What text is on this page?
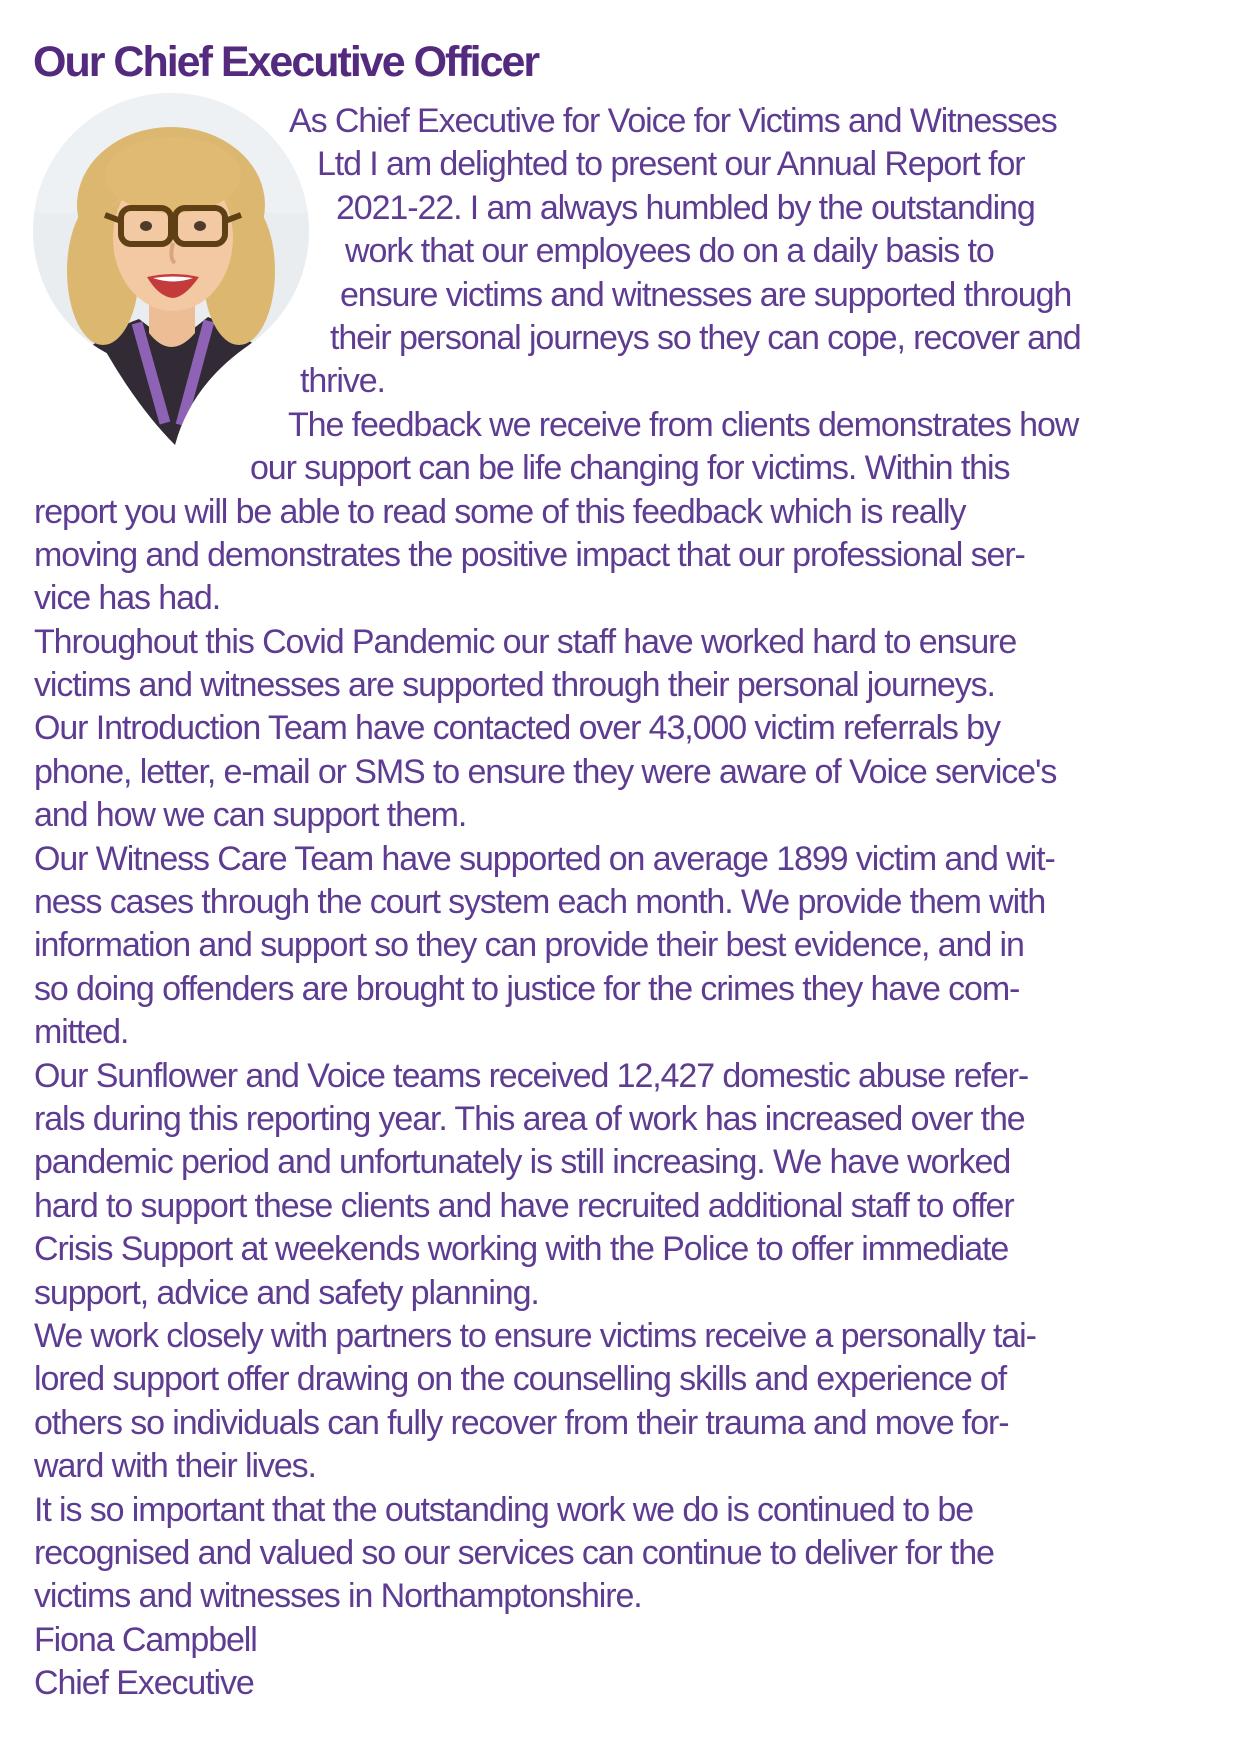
Our Chief Executive Officer
As Chief Executive for Voice for Victims and Witnesses
Ltd I am delighted to present our Annual Report for
2021-22. I am always humbled by the outstanding
work that our employees do on a daily basis to
ensure victims and witnesses are supported through
their personal journeys so they can cope, recover and
thrive.
The feedback we receive from clients demonstrates how
our support can be life changing for victims. Within this
report you will be able to read some of this feedback which is really
moving and demonstrates the positive impact that our professional ser-
vice has had.
Throughout this Covid Pandemic our staff have worked hard to ensure
victims and witnesses are supported through their personal journeys.
Our Introduction Team have contacted over 43,000 victim referrals by
phone, letter, e-mail or SMS to ensure they were aware of Voice service's
and how we can support them.
Our Witness Care Team have supported on average 1899 victim and wit-
ness cases through the court system each month. We provide them with
information and support so they can provide their best evidence, and in
so doing offenders are brought to justice for the crimes they have com-
mitted.
Our Sunflower and Voice teams received 12,427 domestic abuse refer-
rals during this reporting year. This area of work has increased over the
pandemic period and unfortunately is still increasing. We have worked
hard to support these clients and have recruited additional staff to offer
Crisis Support at weekends working with the Police to offer immediate
support, advice and safety planning.
We work closely with partners to ensure victims receive a personally tai-
lored support offer drawing on the counselling skills and experience of
others so individuals can fully recover from their trauma and move for-
ward with their lives.
It is so important that the outstanding work we do is continued to be
recognised and valued so our services can continue to deliver for the
victims and witnesses in Northamptonshire.
Fiona Campbell
Chief Executive
